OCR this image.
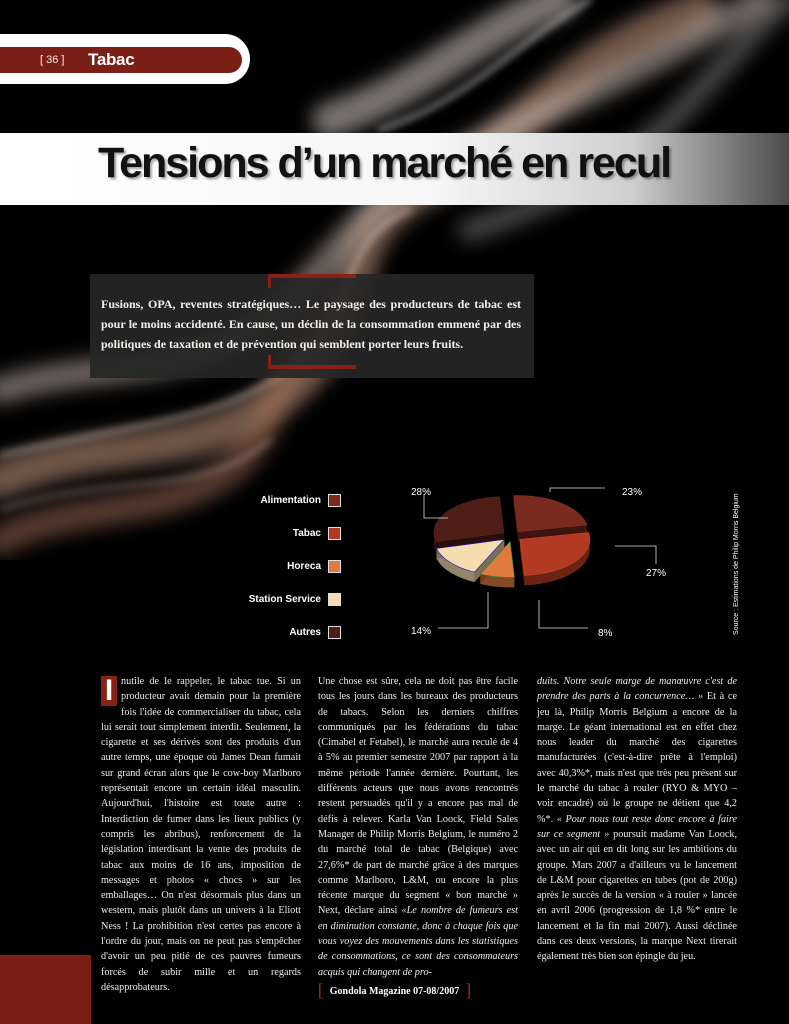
[ 36 ]	Tabac
Tensions d’un marché en recul

Fusions, OPA, reventes stratégiques… Le paysage des producteurs de tabac est pour le moins accidenté. En cause, un déclin de la consommation emmené par des politiques de taxation et de prévention qui semblent porter leurs fruits.

Alimentation
Tabac
Horeca
Station Service
Autres
23%
27%
8%
14%
28%
Source : Estimations de Philip Morris Belgium

I nutile de le rappeler, le tabac tue. Si un producteur avait demain pour la première fois l'idée de commercialiser du tabac, cela lui serait tout simplement interdit. Seulement, la cigarette et ses dérivés sont des produits d'un autre temps, une époque où James Dean fumait sur grand écran alors que le cow-boy Marlboro représentait encore un certain idéal masculin. Aujourd'hui, l'histoire est toute autre : Interdiction de fumer dans les lieux publics (y compris les abribus), renforcement de la législation interdisant la vente des produits de tabac aux moins de 16 ans, imposition de messages et photos « chocs » sur les emballages… On n'est désormais plus dans un western, mais plutôt dans un univers à la Eliott Ness ! La prohibition n'est certes pas encore à l'ordre du jour, mais on ne peut pas s'empêcher d'avoir un peu pitié de ces pauvres fumeurs forcés de subir mille et un regards désapprobateurs.

Une chose est sûre, cela ne doit pas être facile tous les jours dans les bureaux des producteurs de tabacs. Selon les derniers chiffres communiqués par les fédérations du tabac (Cimabel et Fetabel), le marché aura reculé de 4 à 5% au premier semestre 2007 par rapport à la même période l'année dernière. Pourtant, les différents acteurs que nous avons rencontrés restent persuadés qu'il y a encore pas mal de défis à relever. Karla Van Loock, Field Sales Manager de Philip Morris Belgium, le numéro 2 du marché total de tabac (Belgique) avec 27,6%* de part de marché grâce à des marques comme Marlboro, L&M, ou encore la plus récente marque du segment « bon marché » Next, déclare ainsi «Le nombre de fumeurs est en diminution constante, donc à chaque fois que vous voyez des mouvements dans les statistiques de consommations, ce sont des consommateurs acquis qui changent de pro-

duits. Notre seule marge de manœuvre c'est de prendre des parts à la concurrence… » Et à ce jeu là, Philip Morris Belgium a encore de la marge. Le géant international est en effet chez nous leader du marché des cigarettes manufacturées (c'est-à-dire prête à l'emploi) avec 40,3%*, mais n'est que très peu présent sur le marché du tabac à rouler (RYO & MYO – voir encadré) où le groupe ne détient que 4,2 %*. « Pour nous tout reste donc encore à faire sur ce segment » poursuit madame Van Loock, avec un air qui en dit long sur les ambitions du groupe. Mars 2007 a d'ailleurs vu le lancement de L&M pour cigarettes en tubes (pot de 200g) après le succès de la version « à rouler » lancée en avril 2006 (progression de 1,8 %* entre le lancement et la fin mai 2007). Aussi déclinée dans ces deux versions, la marque Next tirerait également très bien son épingle du jeu.

[ Gondola Magazine 07-08/2007 ]
